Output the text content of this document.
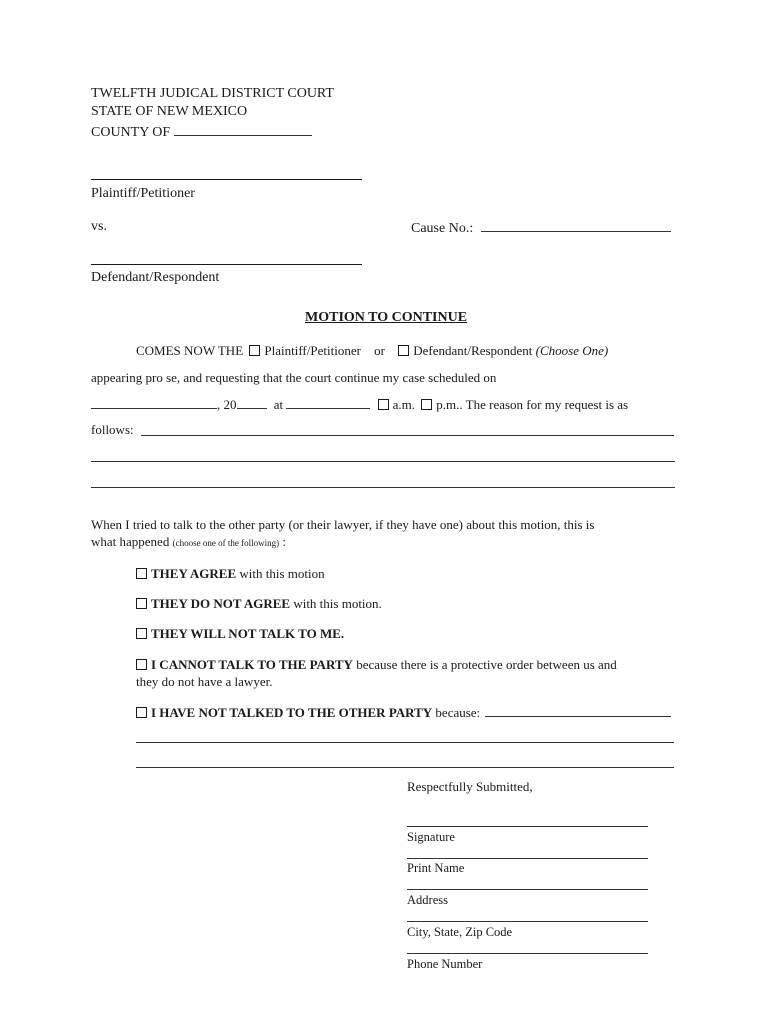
TWELFTH JUDICAL DISTRICT COURT
STATE OF NEW MEXICO
COUNTY OF
Plaintiff/Petitioner
vs.	Cause No.:
Defendant/Respondent
MOTION TO CONTINUE
COMES NOW THE Plaintiff/Petitioner or Defendant/Respondent (Choose One)
appearing pro se, and requesting that the court continue my case scheduled on
, 20	at	a.m. p.m.. The reason for my request is as
follows:
When I tried to talk to the other party (or their lawyer, if they have one) about this motion, this is
what happened (choose one of the following) :
THEY AGREE with this motion
THEY DO NOT AGREE with this motion.
THEY WILL NOT TALK TO ME.
I CANNOT TALK TO THE PARTY because there is a protective order between us and
they do not have a lawyer.
I HAVE NOT TALKED TO THE OTHER PARTY because:
Respectfully Submitted,
Signature
Print Name
Address
City, State, Zip Code
Phone Number
